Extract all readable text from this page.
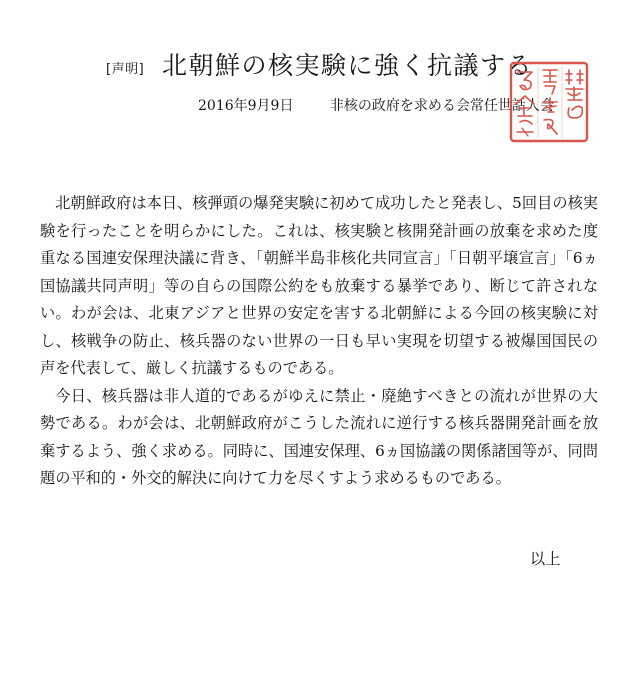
[声明] 北朝鮮の核実験に強く抗議する
2016年9月9日	非核の政府を求める会常任世話人会

北朝鮮政府は本日、核弾頭の爆発実験に初めて成功したと発表し、5回目の核実験を行ったことを明らかにした。これは、核実験と核開発計画の放棄を求めた度重なる国連安保理決議に背き、「朝鮮半島非核化共同宣言」「日朝平壌宣言」「6ヵ国協議共同声明」等の自らの国際公約をも放棄する暴挙であり、断じて許されない。わが会は、北東アジアと世界の安定を害する北朝鮮による今回の核実験に対し、核戦争の防止、核兵器のない世界の一日も早い実現を切望する被爆国国民の声を代表して、厳しく抗議するものである。

今日、核兵器は非人道的であるがゆえに禁止・廃絶すべきとの流れが世界の大勢である。わが会は、北朝鮮政府がこうした流れに逆行する核兵器開発計画を放棄するよう、強く求める。同時に、国連安保理、6ヵ国協議の関係諸国等が、同問題の平和的・外交的解決に向けて力を尽くすよう求めるものである。

以上
